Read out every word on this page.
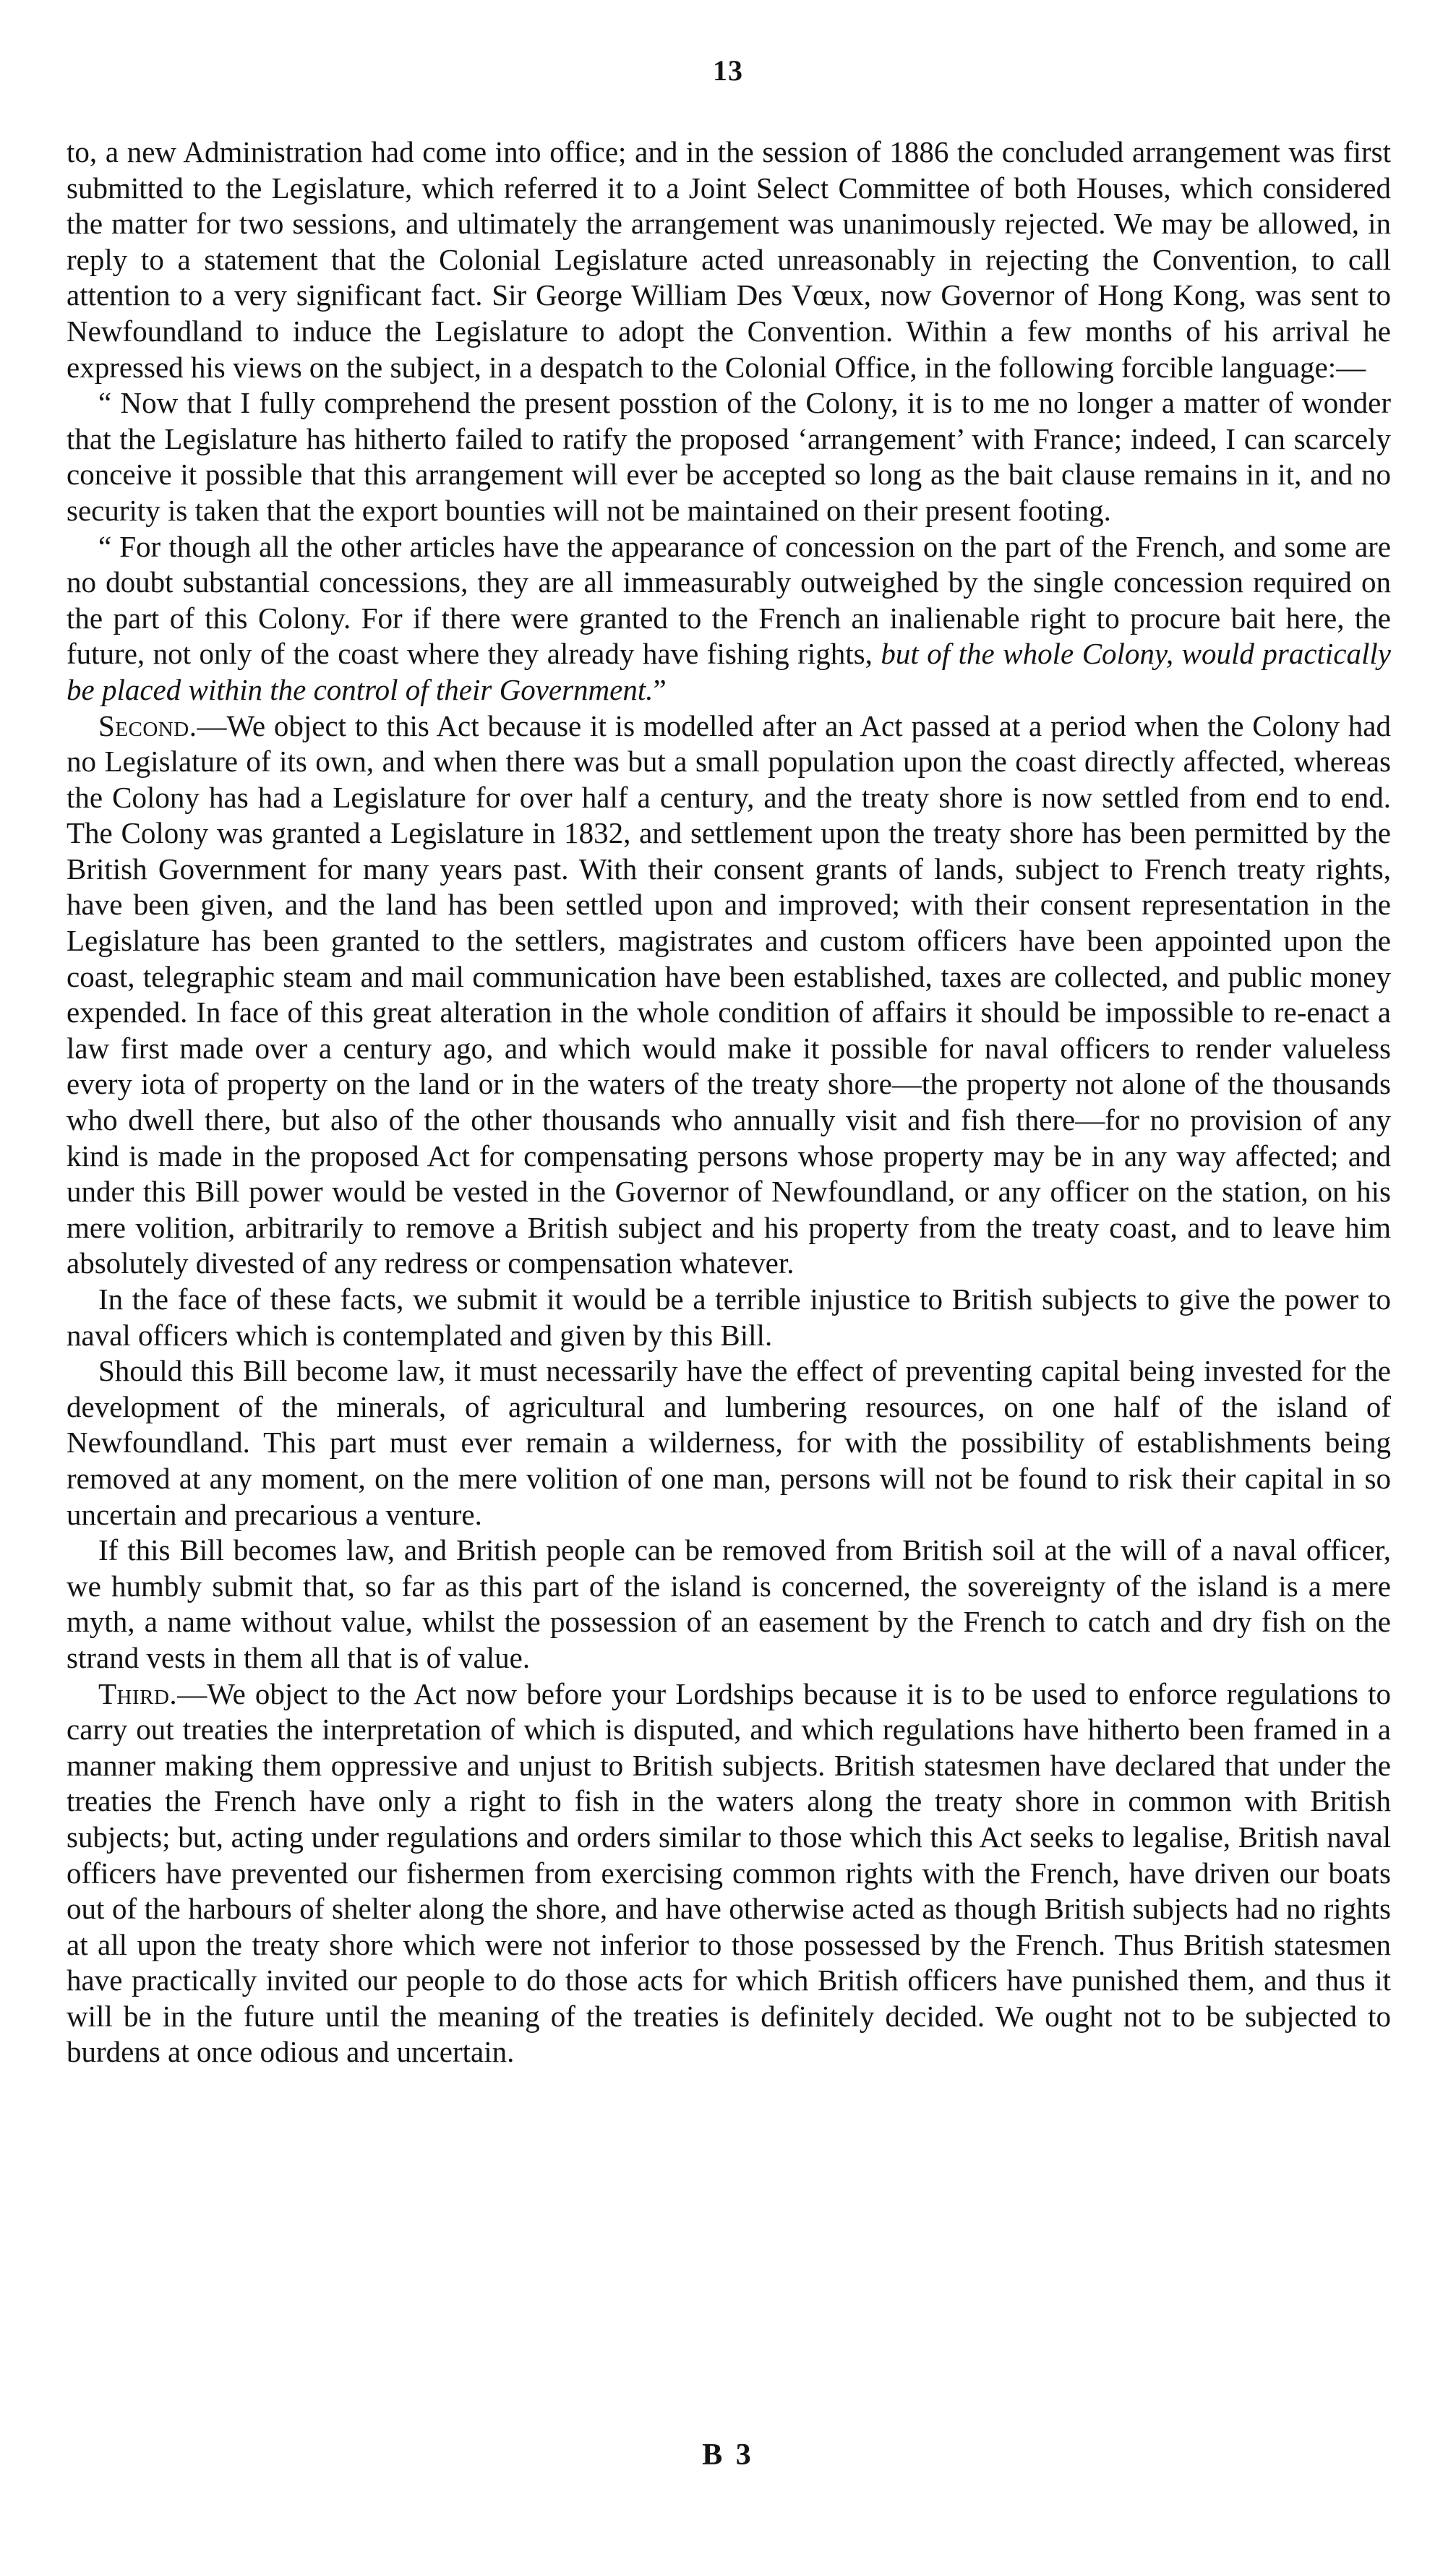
13

to, a new Administration had come into office; and in the session of 1886 the concluded arrangement was first submitted to the Legislature, which referred it to a Joint Select Committee of both Houses, which considered the matter for two sessions, and ultimately the arrangement was unanimously rejected. We may be allowed, in reply to a statement that the Colonial Legislature acted unreasonably in rejecting the Convention, to call attention to a very significant fact. Sir George William Des Vœux, now Governor of Hong Kong, was sent to Newfoundland to induce the Legislature to adopt the Convention. Within a few months of his arrival he expressed his views on the subject, in a despatch to the Colonial Office, in the following forcible language:—

“ Now that I fully comprehend the present posstion of the Colony, it is to me no longer a matter of wonder that the Legislature has hitherto failed to ratify the proposed ‘arrangement’ with France; indeed, I can scarcely conceive it possible that this arrangement will ever be accepted so long as the bait clause remains in it, and no security is taken that the export bounties will not be maintained on their present footing.

“ For though all the other articles have the appearance of concession on the part of the French, and some are no doubt substantial concessions, they are all immeasurably outweighed by the single concession required on the part of this Colony. For if there were granted to the French an inalienable right to procure bait here, the future, not only of the coast where they already have fishing rights, but of the whole Colony, would practically be placed within the control of their Government.”

Second.—We object to this Act because it is modelled after an Act passed at a period when the Colony had no Legislature of its own, and when there was but a small population upon the coast directly affected, whereas the Colony has had a Legislature for over half a century, and the treaty shore is now settled from end to end. The Colony was granted a Legislature in 1832, and settlement upon the treaty shore has been permitted by the British Government for many years past. With their consent grants of lands, subject to French treaty rights, have been given, and the land has been settled upon and improved; with their consent representation in the Legislature has been granted to the settlers, magistrates and custom officers have been appointed upon the coast, telegraphic steam and mail communication have been established, taxes are collected, and public money expended. In face of this great alteration in the whole condition of affairs it should be impossible to re-enact a law first made over a century ago, and which would make it possible for naval officers to render valueless every iota of property on the land or in the waters of the treaty shore—the property not alone of the thousands who dwell there, but also of the other thousands who annually visit and fish there—for no provision of any kind is made in the proposed Act for compensating persons whose property may be in any way affected; and under this Bill power would be vested in the Governor of Newfoundland, or any officer on the station, on his mere volition, arbitrarily to remove a British subject and his property from the treaty coast, and to leave him absolutely divested of any redress or compensation whatever.

In the face of these facts, we submit it would be a terrible injustice to British subjects to give the power to naval officers which is contemplated and given by this Bill.

Should this Bill become law, it must necessarily have the effect of preventing capital being invested for the development of the minerals, of agricultural and lumbering resources, on one half of the island of Newfoundland. This part must ever remain a wilderness, for with the possibility of establishments being removed at any moment, on the mere volition of one man, persons will not be found to risk their capital in so uncertain and precarious a venture.

If this Bill becomes law, and British people can be removed from British soil at the will of a naval officer, we humbly submit that, so far as this part of the island is concerned, the sovereignty of the island is a mere myth, a name without value, whilst the possession of an easement by the French to catch and dry fish on the strand vests in them all that is of value.

Third.—We object to the Act now before your Lordships because it is to be used to enforce regulations to carry out treaties the interpretation of which is disputed, and which regulations have hitherto been framed in a manner making them oppressive and unjust to British subjects. British statesmen have declared that under the treaties the French have only a right to fish in the waters along the treaty shore in common with British subjects; but, acting under regulations and orders similar to those which this Act seeks to legalise, British naval officers have prevented our fishermen from exercising common rights with the French, have driven our boats out of the harbours of shelter along the shore, and have otherwise acted as though British subjects had no rights at all upon the treaty shore which were not inferior to those possessed by the French. Thus British statesmen have practically invited our people to do those acts for which British officers have punished them, and thus it will be in the future until the meaning of the treaties is definitely decided. We ought not to be subjected to burdens at once odious and uncertain.

B 3
